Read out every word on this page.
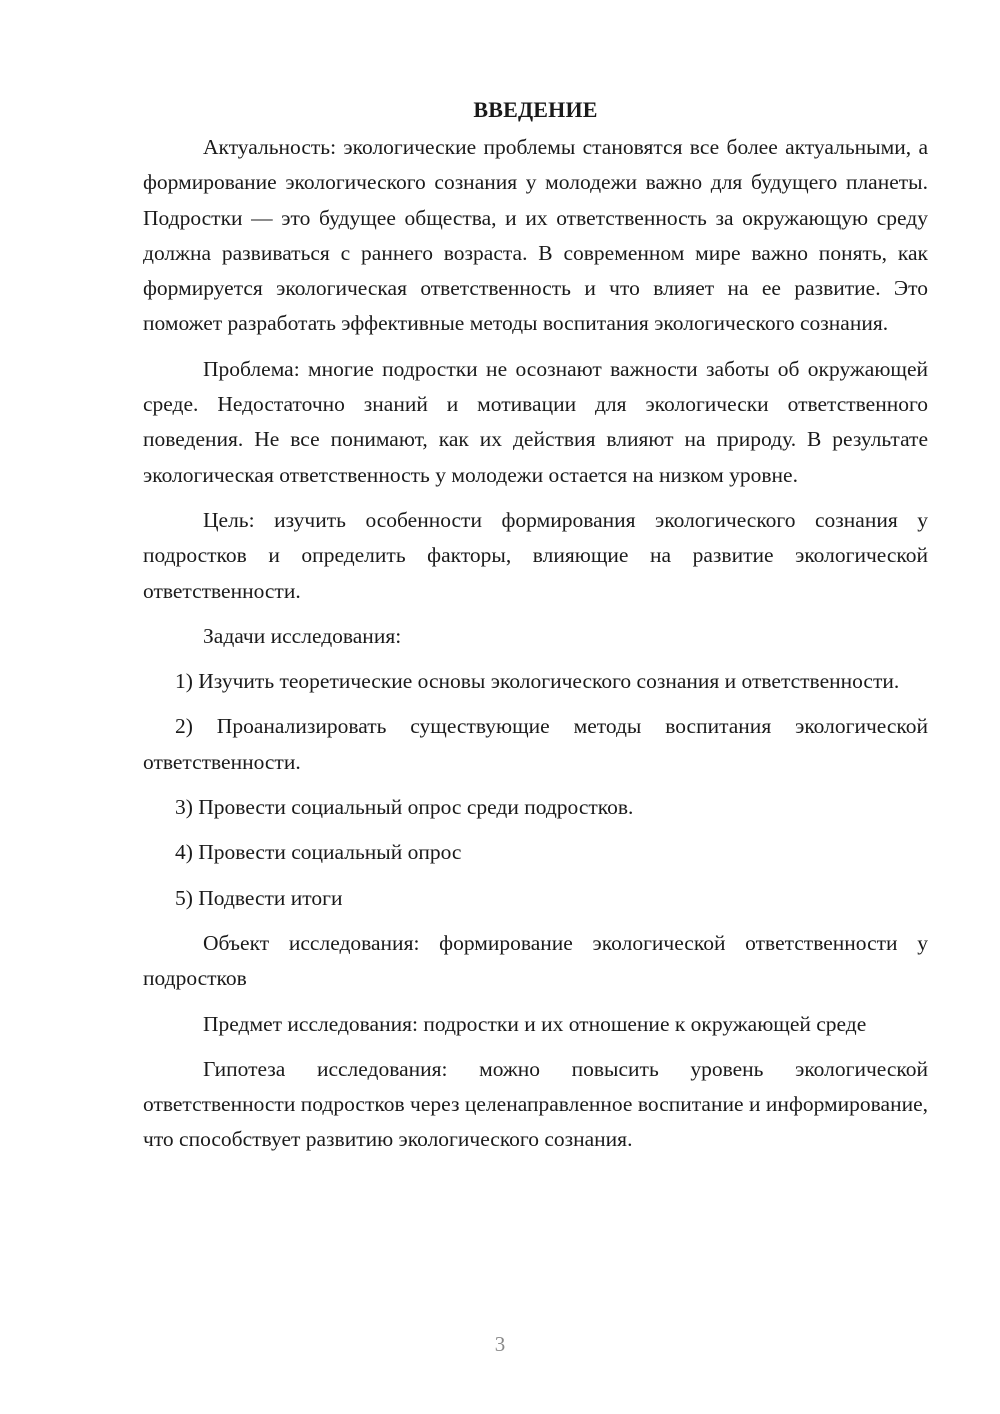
ВВЕДЕНИЕ

Актуальность: экологические проблемы становятся все более актуальными, а формирование экологического сознания у молодежи важно для будущего планеты. Подростки — это будущее общества, и их ответственность за окружающую среду должна развиваться с раннего возраста. В современном мире важно понять, как формируется экологическая ответственность и что влияет на ее развитие. Это поможет разработать эффективные методы воспитания экологического сознания.

Проблема: многие подростки не осознают важности заботы об окружающей среде. Недостаточно знаний и мотивации для экологически ответственного поведения. Не все понимают, как их действия влияют на природу. В результате экологическая ответственность у молодежи остается на низком уровне.

Цель: изучить особенности формирования экологического сознания у подростков и определить факторы, влияющие на развитие экологической ответственности.

Задачи исследования:

1) Изучить теоретические основы экологического сознания и ответственности.

2) Проанализировать существующие методы воспитания экологической ответственности.

3) Провести социальный опрос среди подростков.

4) Провести социальный опрос

5) Подвести итоги

Объект исследования: формирование экологической ответственности у подростков

Предмет исследования: подростки и их отношение к окружающей среде

Гипотеза исследования: можно повысить уровень экологической ответственности подростков через целенаправленное воспитание и информирование, что способствует развитию экологического сознания.

3
